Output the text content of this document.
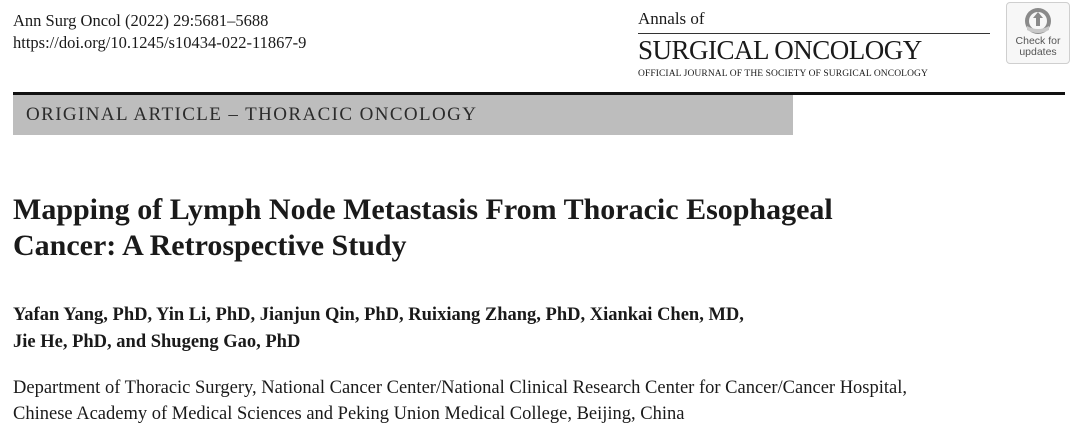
Ann Surg Oncol (2022) 29:5681–5688
https://doi.org/10.1245/s10434-022-11867-9
Annals of
SURGICAL ONCOLOGY
OFFICIAL JOURNAL OF THE SOCIETY OF SURGICAL ONCOLOGY
Check for
updates
ORIGINAL ARTICLE – THORACIC ONCOLOGY
Mapping of Lymph Node Metastasis From Thoracic Esophageal
Cancer: A Retrospective Study
Yafan Yang, PhD, Yin Li, PhD, Jianjun Qin, PhD, Ruixiang Zhang, PhD, Xiankai Chen, MD,
Jie He, PhD, and Shugeng Gao, PhD
Department of Thoracic Surgery, National Cancer Center/National Clinical Research Center for Cancer/Cancer Hospital,
Chinese Academy of Medical Sciences and Peking Union Medical College, Beijing, China
